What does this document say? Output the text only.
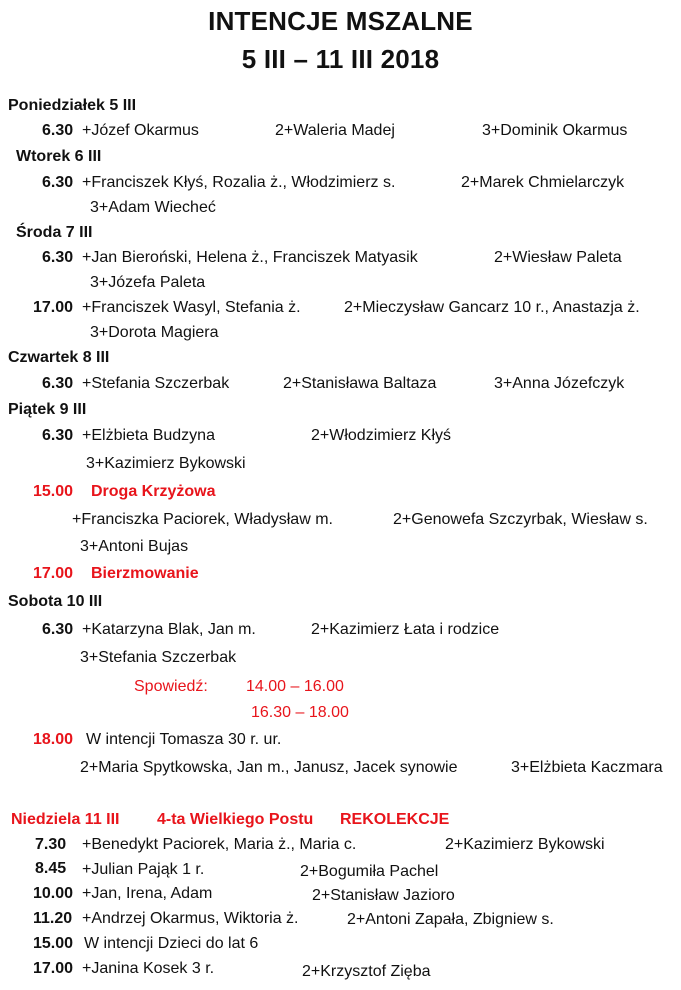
INTENCJE MSZALNE
5 III – 11 III 2018
Poniedziałek 5 III
6.30 +Józef Okarmus	2+Waleria Madej	3+Dominik Okarmus
Wtorek 6 III
6.30 +Franciszek Kłyś, Rozalia ż., Włodzimierz s.	2+Marek Chmielarczyk
3+Adam Wiecheć
Środa 7 III
6.30 +Jan Bieroński, Helena ż., Franciszek Matyasik	2+Wiesław Paleta
3+Józefa Paleta
17.00 +Franciszek Wasyl, Stefania ż.	2+Mieczysław Gancarz 10 r., Anastazja ż.
3+Dorota Magiera
Czwartek 8 III
6.30 +Stefania Szczerbak	2+Stanisława Baltaza	3+Anna Józefczyk
Piątek 9 III
6.30 +Elżbieta Budzyna	2+Włodzimierz Kłyś
3+Kazimierz Bykowski
15.00 Droga Krzyżowa
+Franciszka Paciorek, Władysław m.	2+Genowefa Szczyrbak, Wiesław s.
3+Antoni Bujas
17.00 Bierzmowanie
Sobota 10 III
6.30 +Katarzyna Blak, Jan m.	2+Kazimierz Łata i rodzice
3+Stefania Szczerbak
Spowiedź: 14.00 – 16.00
16.30 – 18.00
18.00 W intencji Tomasza 30 r. ur.
2+Maria Spytkowska, Jan m., Janusz, Jacek synowie	3+Elżbieta Kaczmara
Niedziela 11 III 4-ta Wielkiego Postu REKOLEKCJE
7.30 +Benedykt Paciorek, Maria ż., Maria c.	2+Kazimierz Bykowski
8.45 +Julian Pająk 1 r.	2+Bogumiła Pachel
10.00 +Jan, Irena, Adam	2+Stanisław Jazioro
11.20 +Andrzej Okarmus, Wiktoria ż.	2+Antoni Zapała, Zbigniew s.
15.00 W intencji Dzieci do lat 6
17.00 +Janina Kosek 3 r.	2+Krzysztof Zięba
